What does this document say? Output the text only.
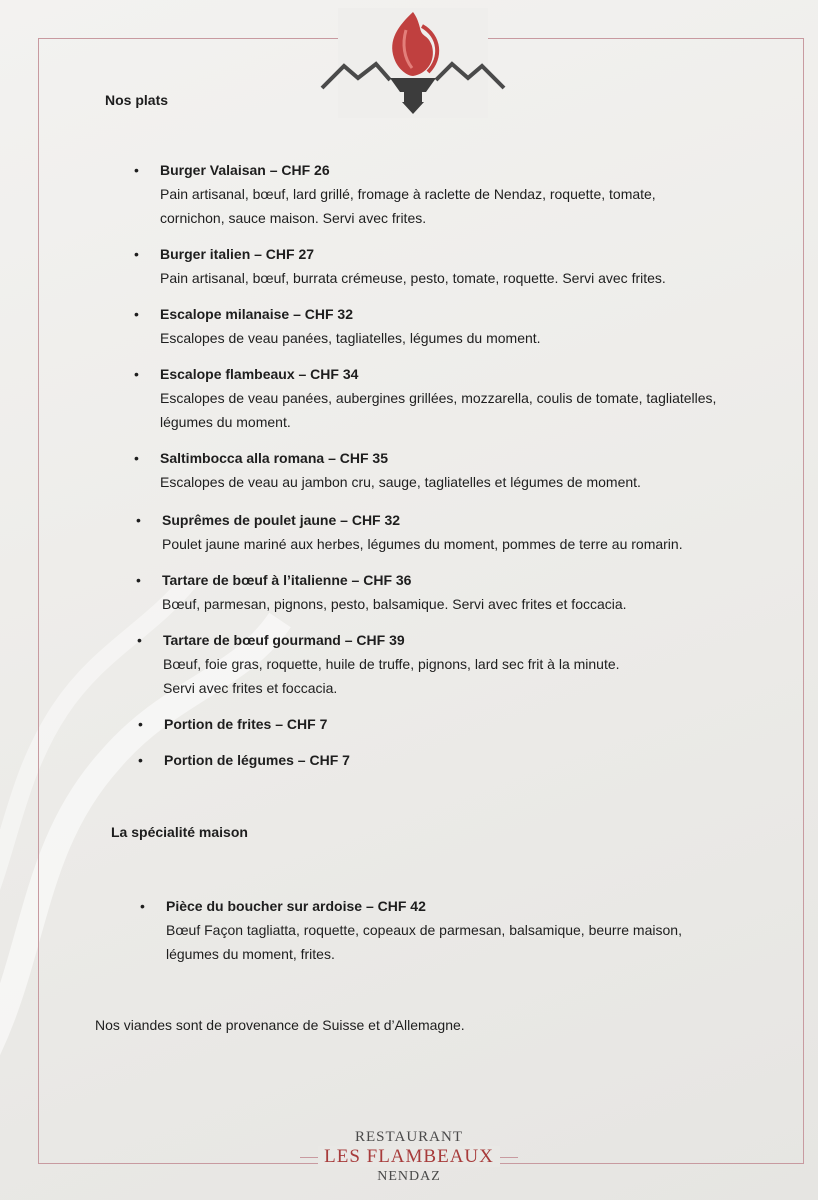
Nos plats

• Burger Valaisan – CHF 26

Pain artisanal, bœuf, lard grillé, fromage à raclette de Nendaz, roquette, tomate,

cornichon, sauce maison. Servi avec frites.

• Burger italien – CHF 27

Pain artisanal, bœuf, burrata crémeuse, pesto, tomate, roquette. Servi avec frites.

• Escalope milanaise – CHF 32

Escalopes de veau panées, tagliatelles, légumes du moment.

• Escalope flambeaux – CHF 34

Escalopes de veau panées, aubergines grillées, mozzarella, coulis de tomate, tagliatelles,

légumes du moment.

• Saltimbocca alla romana – CHF 35

Escalopes de veau au jambon cru, sauge, tagliatelles et légumes de moment.

• Suprêmes de poulet jaune – CHF 32

Poulet jaune mariné aux herbes, légumes du moment, pommes de terre au romarin.

• Tartare de bœuf à l’italienne – CHF 36

Bœuf, parmesan, pignons, pesto, balsamique. Servi avec frites et foccacia.

• Tartare de bœuf gourmand – CHF 39

Bœuf, foie gras, roquette, huile de truffe, pignons, lard sec frit à la minute.

Servi avec frites et foccacia.

• Portion de frites – CHF 7

• Portion de légumes – CHF 7

La spécialité maison

• Pièce du boucher sur ardoise – CHF 42

Bœuf Façon tagliatta, roquette, copeaux de parmesan, balsamique, beurre maison,

légumes du moment, frites.

Nos viandes sont de provenance de Suisse et d’Allemagne.

RESTAURANT
LES FLAMBEAUX
NENDAZ
